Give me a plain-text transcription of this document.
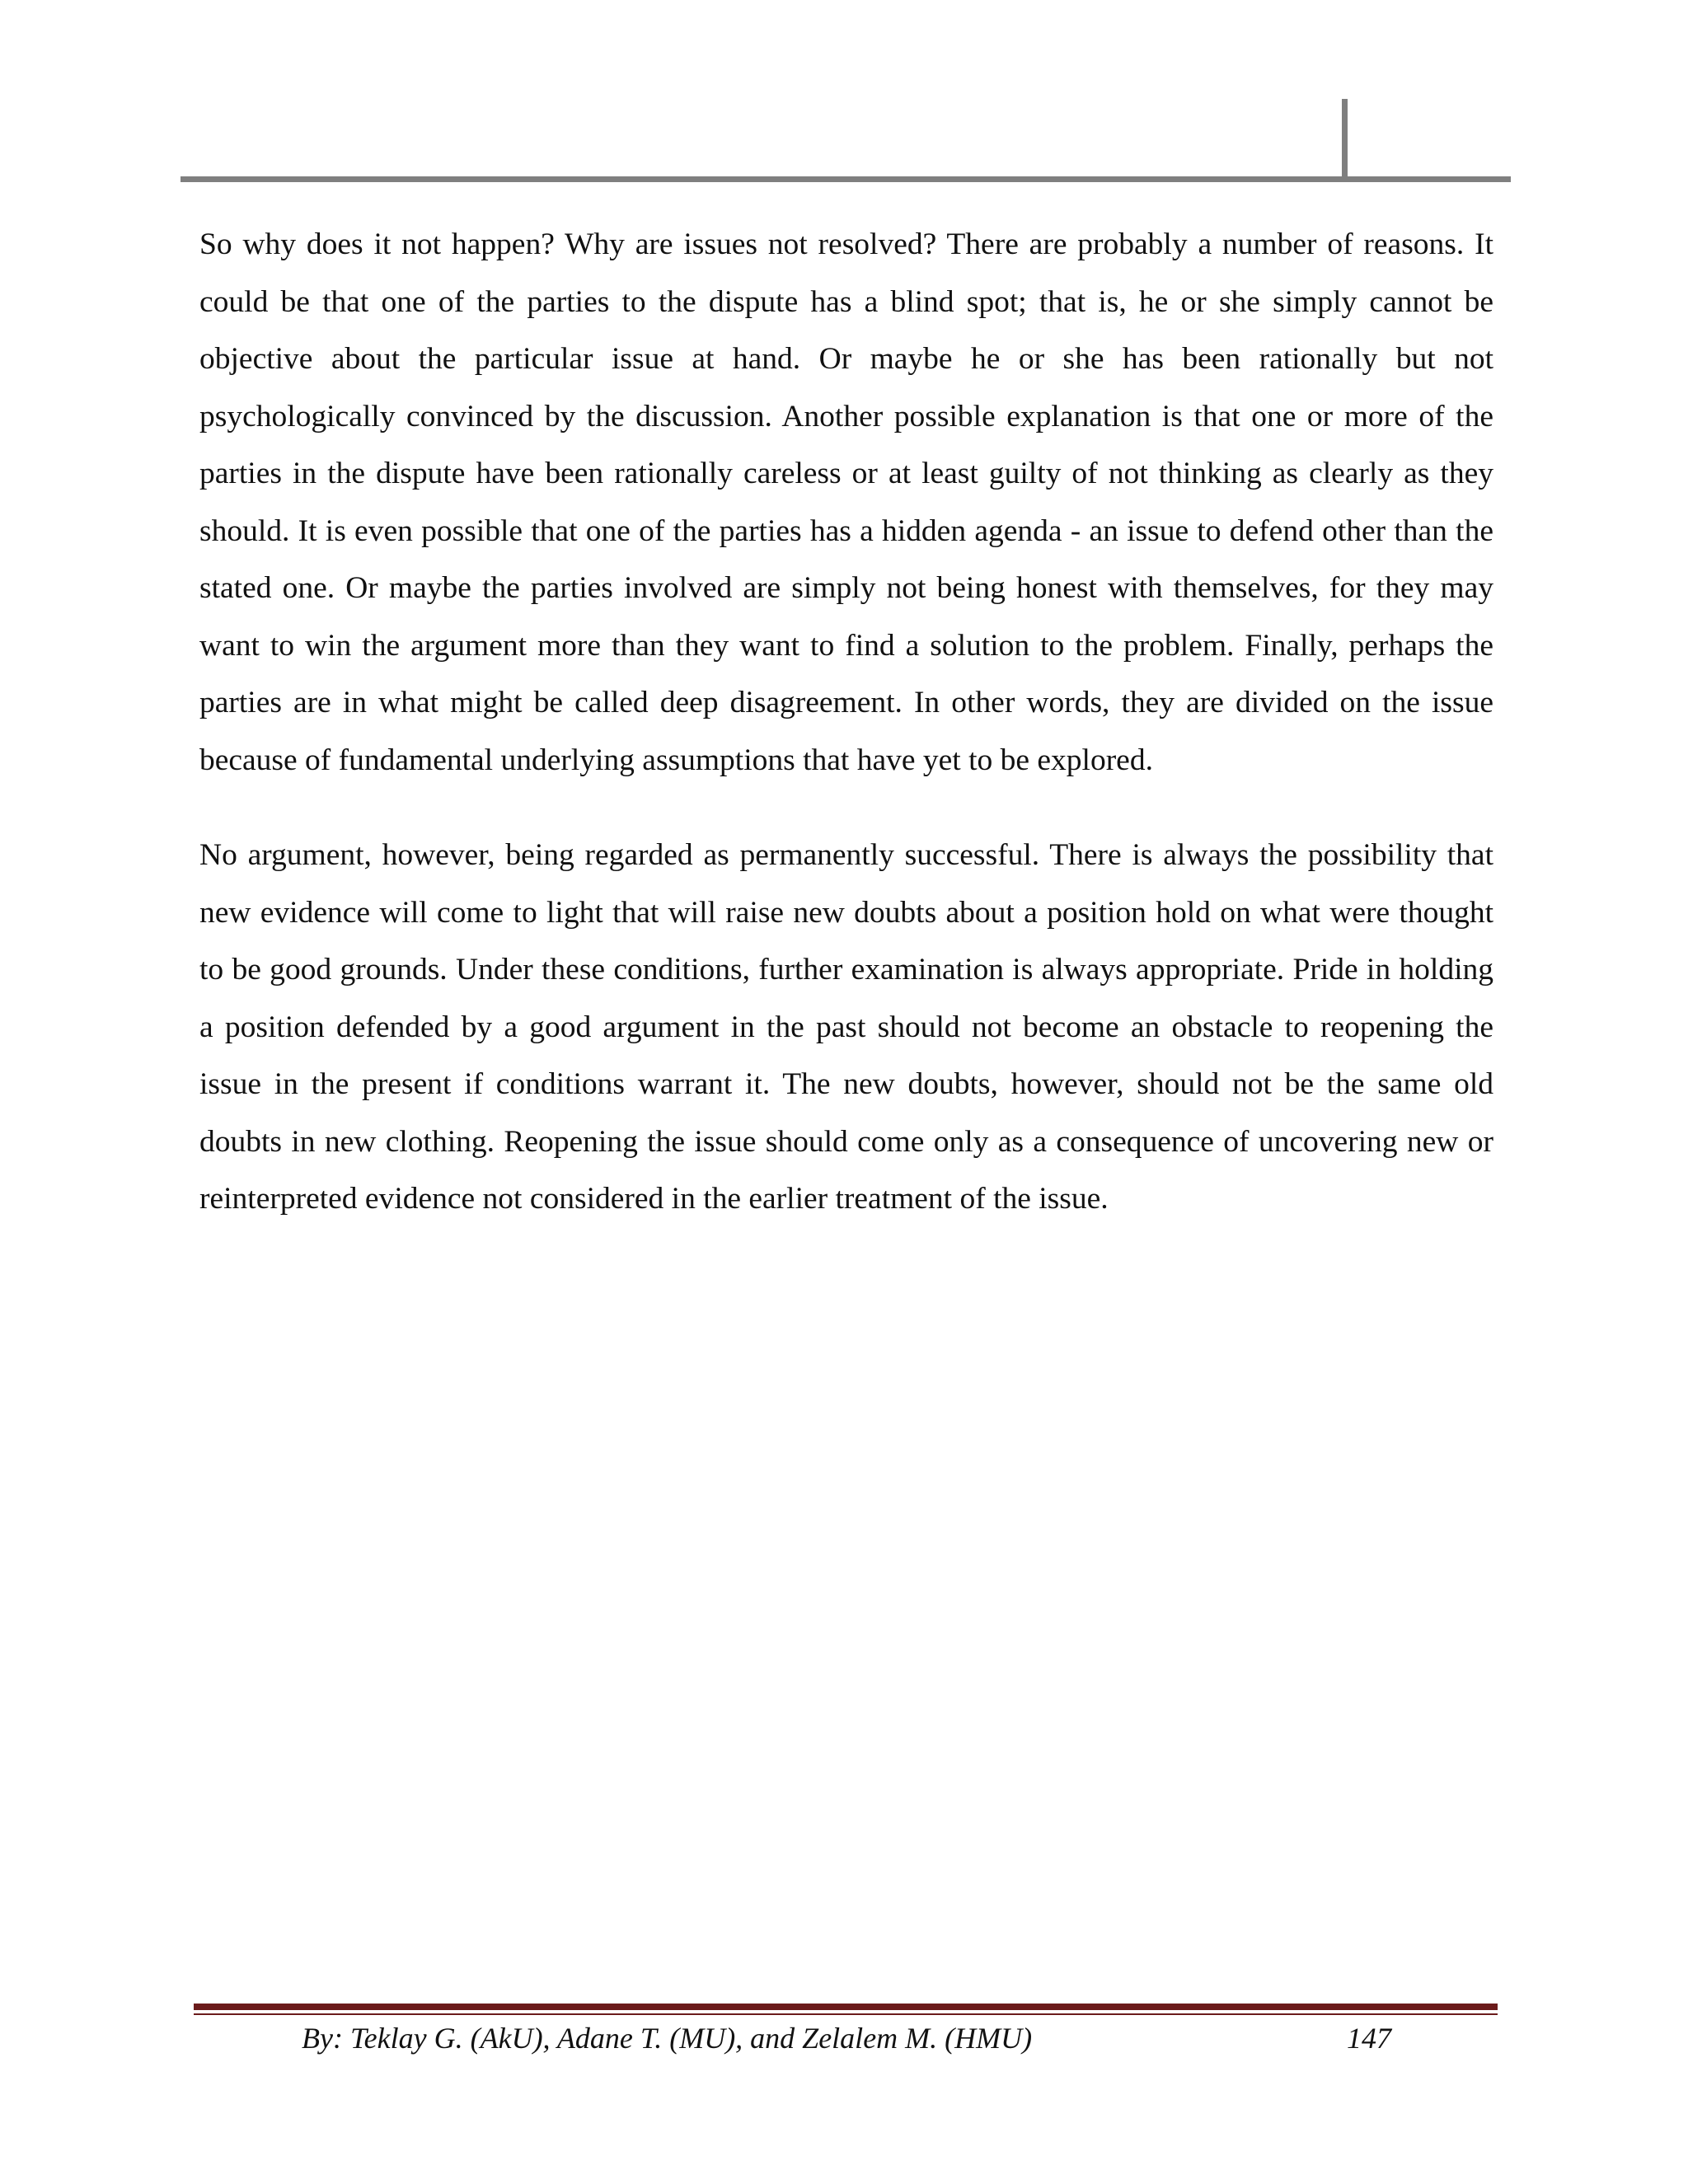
So why does it not happen? Why are issues not resolved? There are probably a number of reasons. It could be that one of the parties to the dispute has a blind spot; that is, he or she simply cannot be objective about the particular issue at hand. Or maybe he or she has been rationally but not psychologically convinced by the discussion. Another possible explanation is that one or more of the parties in the dispute have been rationally careless or at least guilty of not thinking as clearly as they should. It is even possible that one of the parties has a hidden agenda - an issue to defend other than the stated one. Or maybe the parties involved are simply not being honest with themselves, for they may want to win the argument more than they want to find a solution to the problem. Finally, perhaps the parties are in what might be called deep disagreement. In other words, they are divided on the issue because of fundamental underlying assumptions that have yet to be explored.

No argument, however, being regarded as permanently successful. There is always the possibility that new evidence will come to light that will raise new doubts about a position hold on what were thought to be good grounds. Under these conditions, further examination is always appropriate. Pride in holding a position defended by a good argument in the past should not become an obstacle to reopening the issue in the present if conditions warrant it. The new doubts, however, should not be the same old doubts in new clothing. Reopening the issue should come only as a consequence of uncovering new or reinterpreted evidence not considered in the earlier treatment of the issue.

By: Teklay G. (AkU), Adane T. (MU), and Zelalem M. (HMU)	147
